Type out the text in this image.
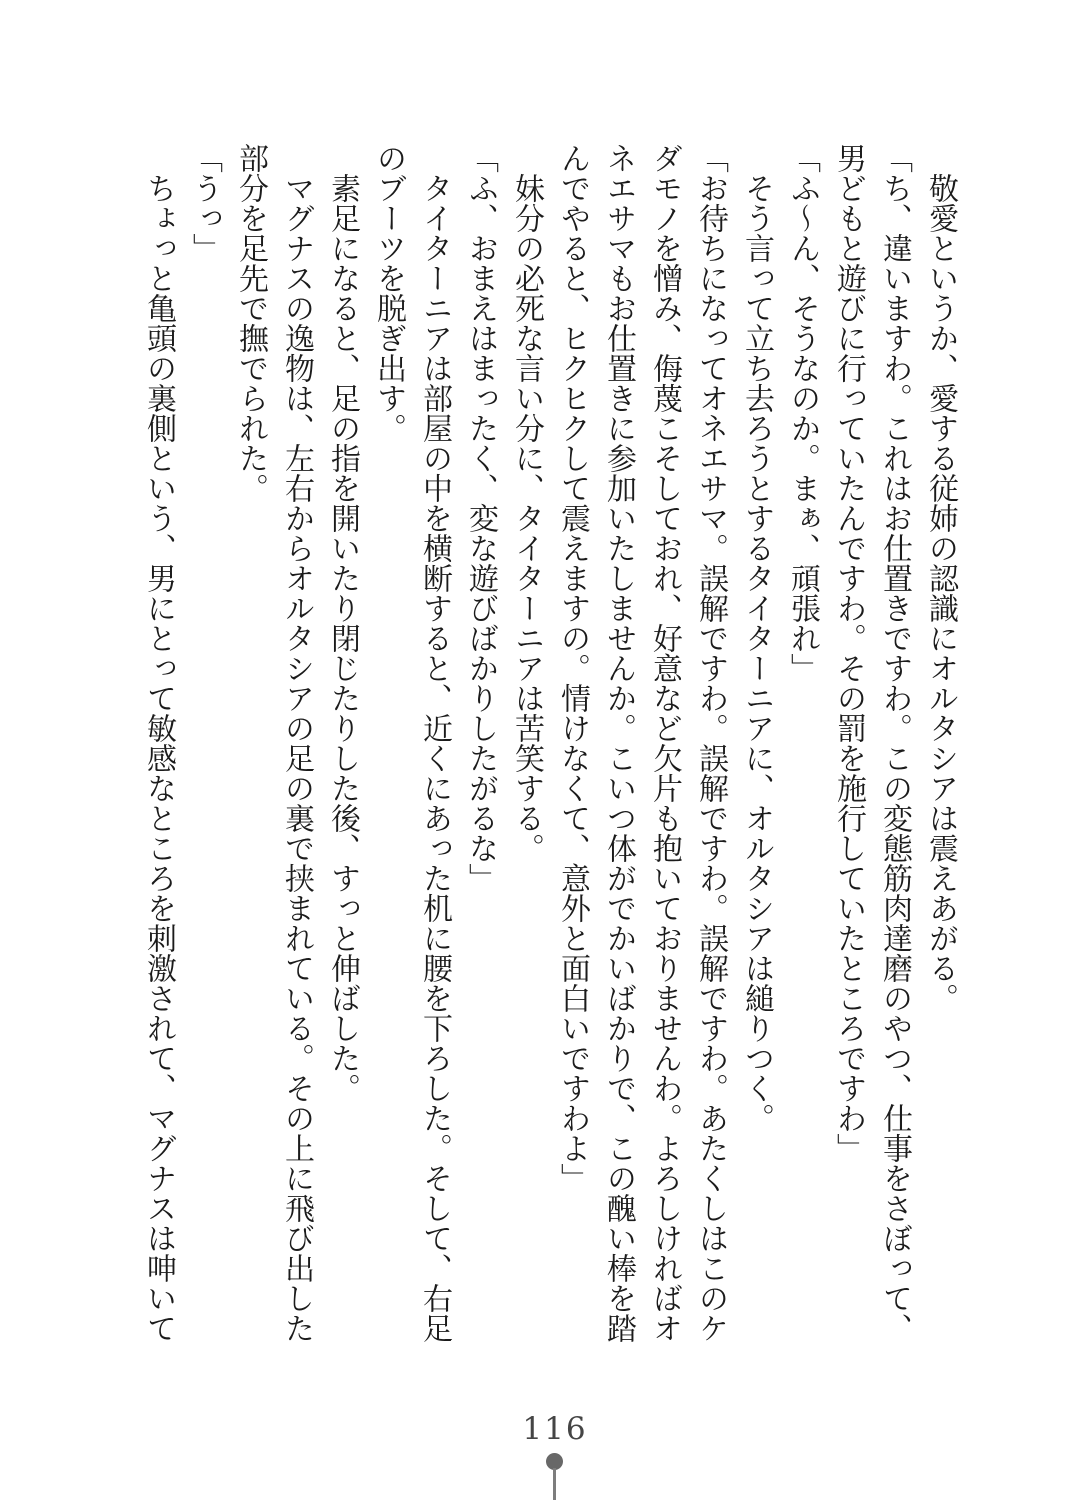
敬愛というか、愛する従姉の認識にオルタシアは震えあがる。
「ち、違いますわ。これはお仕置きですわ。この変態筋肉達磨のやつ、仕事をさぼって、
男どもと遊びに行っていたんですわ。その罰を施行していたところですわ」
「ふ〜ん、そうなのか。まぁ、頑張れ」
そう言って立ち去ろうとするタイターニアに、オルタシアは縋りつく。
「お待ちになってオネエサマ。誤解ですわ。誤解ですわ。誤解ですわ。あたくしはこのケ
ダモノを憎み、侮蔑こそしておれ、好意など欠片も抱いておりませんわ。よろしければオ
ネエサマもお仕置きに参加いたしませんか。こいつ体がでかいばかりで、この醜い棒を踏
んでやると、ヒクヒクして震えますの。情けなくて、意外と面白いですわよ」
妹分の必死な言い分に、タイターニアは苦笑する。
「ふ、おまえはまったく、変な遊びばかりしたがるな」
タイターニアは部屋の中を横断すると、近くにあった机に腰を下ろした。そして、右足
のブーツを脱ぎ出す。
素足になると、足の指を開いたり閉じたりした後、すっと伸ばした。
マグナスの逸物は、左右からオルタシアの足の裏で挟まれている。その上に飛び出した
部分を足先で撫でられた。
「うっ」
ちょっと亀頭の裏側という、男にとって敏感なところを刺激されて、マグナスは呻いて
116
